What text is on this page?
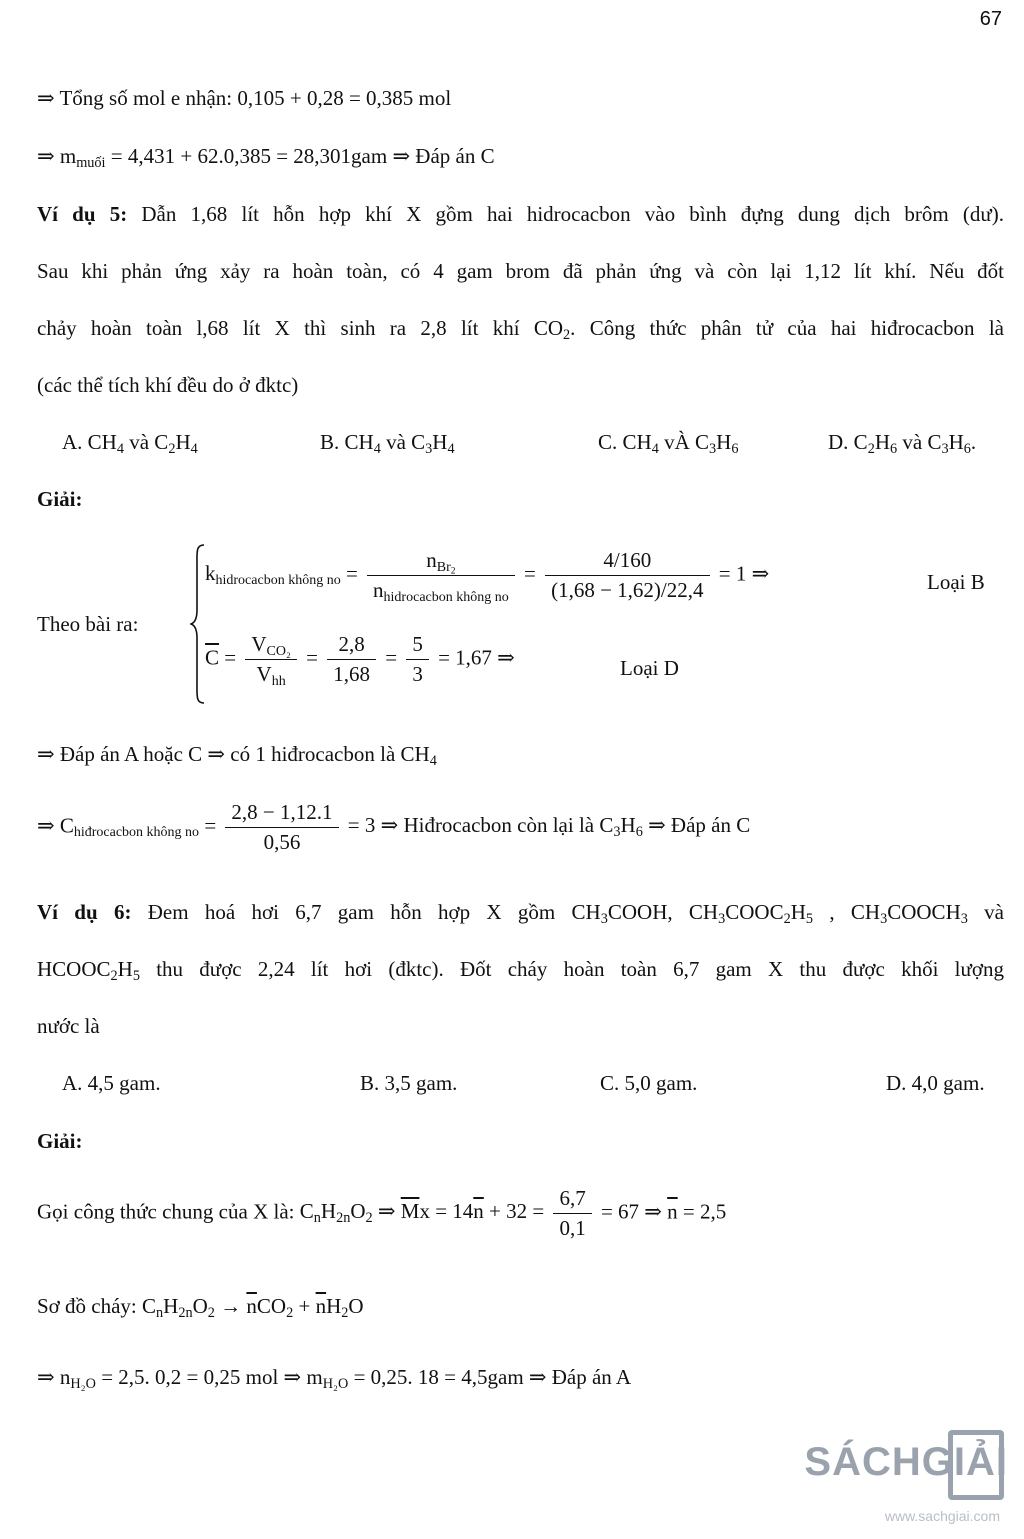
67
⇒ Tổng số mol e nhận: 0,105 + 0,28 = 0,385 mol
⇒ $m_{muối} = 4,431 + 62.0,385 = 28,301gam$ ⇒ Đáp án C
Ví dụ 5: Dẫn 1,68 lít hỗn hợp khí X gồm hai hidrocacbon vào bình đựng dung dịch brôm (dư).
Sau khi phản ứng xảy ra hoàn toàn, có 4 gam brom đã phản ứng và còn lại 1,12 lít khí. Nếu đốt
chảy hoàn toàn l,68 lít X thì sinh ra 2,8 lít khí $CO_2$. Công thức phân tử của hai hiđrocacbon là
(các thể tích khí đều do ở đktc)
A. $CH_4$ và $C_2H_4$	B. $CH_4$ và $C_3H_4$	C. $CH_4$ vÀ $C_3H_6$	D. $C_2H_6$ và $C_3H_6$.
Giải:
Theo bài ra:
$k_{hidrocacbon không no} = \frac{n_{Br_2}}{n_{hidrocacbon không no}} = \frac{4/160}{(1,68 - 1,62)/22,4} = 1$ ⇒	Loại B
$\overline{C} = \frac{V_{CO_2}}{V_{hh}} = \frac{2,8}{1,68} = \frac{5}{3} = 1,67$ ⇒	Loại D
⇒ Đáp án A hoặc C ⇒ có 1 hiđrocacbon là $CH_4$
⇒ $C_{hiđrocacbon không no} = \frac{2,8 - 1,12.1}{0,56} = 3$ ⇒ Hiđrocacbon còn lại là $C_3H_6$ ⇒ Đáp án C
Ví dụ 6: Đem hoá hơi 6,7 gam hỗn hợp X gồm $CH_3COOH$, $CH_3COOC_2H_5$ , $CH_3COOCH_3$ và
$HCOOC_2H_5$ thu được 2,24 lít hơi (đktc). Đốt cháy hoàn toàn 6,7 gam X thu được khối lượng
nước là
A. 4,5 gam.	B. 3,5 gam.	C. 5,0 gam.	D. 4,0 gam.
Giải:
Gọi công thức chung của X là: $C_nH_{2n}O_2$ ⇒ $\overline{M}x = 14\overline{n} + 32 = \frac{6,7}{0,1} = 67$ ⇒ $\overline{n} = 2,5$
Sơ đồ cháy: $C_nH_{2n}O_2 \to \overline{n}CO_2 + \overline{n}H_2O$
⇒ $n_{H_2O} = 2,5$. 0,2 = 0,25 mol ⇒ $m_{H_2O} = 0,25$. 18 = 4,5gam ⇒ Đáp án A
SÁCHGIẢI
www.sachgiai.com
